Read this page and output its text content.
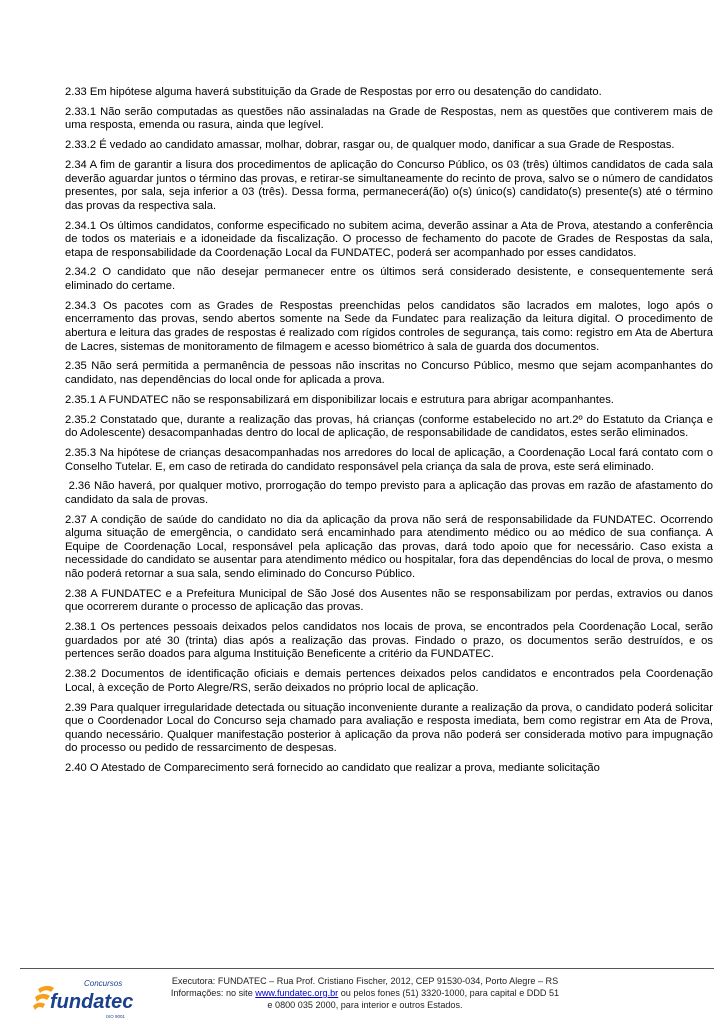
2.33 Em hipótese alguma haverá substituição da Grade de Respostas por erro ou desatenção do candidato.

2.33.1 Não serão computadas as questões não assinaladas na Grade de Respostas, nem as questões que contiverem mais de uma resposta, emenda ou rasura, ainda que legível.

2.33.2 É vedado ao candidato amassar, molhar, dobrar, rasgar ou, de qualquer modo, danificar a sua Grade de Respostas.

2.34 A fim de garantir a lisura dos procedimentos de aplicação do Concurso Público, os 03 (três) últimos candidatos de cada sala deverão aguardar juntos o término das provas, e retirar-se simultaneamente do recinto de prova, salvo se o número de candidatos presentes, por sala, seja inferior a 03 (três). Dessa forma, permanecerá(ão) o(s) único(s) candidato(s) presente(s) até o término das provas da respectiva sala.

2.34.1 Os últimos candidatos, conforme especificado no subitem acima, deverão assinar a Ata de Prova, atestando a conferência de todos os materiais e a idoneidade da fiscalização. O processo de fechamento do pacote de Grades de Respostas da sala, etapa de responsabilidade da Coordenação Local da FUNDATEC, poderá ser acompanhado por esses candidatos.

2.34.2 O candidato que não desejar permanecer entre os últimos será considerado desistente, e consequentemente será eliminado do certame.

2.34.3 Os pacotes com as Grades de Respostas preenchidas pelos candidatos são lacrados em malotes, logo após o encerramento das provas, sendo abertos somente na Sede da Fundatec para realização da leitura digital. O procedimento de abertura e leitura das grades de respostas é realizado com rígidos controles de segurança, tais como: registro em Ata de Abertura de Lacres, sistemas de monitoramento de filmagem e acesso biométrico à sala de guarda dos documentos.

2.35 Não será permitida a permanência de pessoas não inscritas no Concurso Público, mesmo que sejam acompanhantes do candidato, nas dependências do local onde for aplicada a prova.

2.35.1 A FUNDATEC não se responsabilizará em disponibilizar locais e estrutura para abrigar acompanhantes.

2.35.2 Constatado que, durante a realização das provas, há crianças (conforme estabelecido no art.2º do Estatuto da Criança e do Adolescente) desacompanhadas dentro do local de aplicação, de responsabilidade de candidatos, estes serão eliminados.

2.35.3 Na hipótese de crianças desacompanhadas nos arredores do local de aplicação, a Coordenação Local fará contato com o Conselho Tutelar. E, em caso de retirada do candidato responsável pela criança da sala de prova, este será eliminado.

2.36 Não haverá, por qualquer motivo, prorrogação do tempo previsto para a aplicação das provas em razão de afastamento do candidato da sala de provas.

2.37 A condição de saúde do candidato no dia da aplicação da prova não será de responsabilidade da FUNDATEC. Ocorrendo alguma situação de emergência, o candidato será encaminhado para atendimento médico ou ao médico de sua confiança. A Equipe de Coordenação Local, responsável pela aplicação das provas, dará todo apoio que for necessário. Caso exista a necessidade do candidato se ausentar para atendimento médico ou hospitalar, fora das dependências do local de prova, o mesmo não poderá retornar a sua sala, sendo eliminado do Concurso Público.

2.38 A FUNDATEC e a Prefeitura Municipal de São José dos Ausentes não se responsabilizam por perdas, extravios ou danos que ocorrerem durante o processo de aplicação das provas.

2.38.1 Os pertences pessoais deixados pelos candidatos nos locais de prova, se encontrados pela Coordenação Local, serão guardados por até 30 (trinta) dias após a realização das provas. Findado o prazo, os documentos serão destruídos, e os pertences serão doados para alguma Instituição Beneficente a critério da FUNDATEC.

2.38.2 Documentos de identificação oficiais e demais pertences deixados pelos candidatos e encontrados pela Coordenação Local, à exceção de Porto Alegre/RS, serão deixados no próprio local de aplicação.

2.39 Para qualquer irregularidade detectada ou situação inconveniente durante a realização da prova, o candidato poderá solicitar que o Coordenador Local do Concurso seja chamado para avaliação e resposta imediata, bem como registrar em Ata de Prova, quando necessário. Qualquer manifestação posterior à aplicação da prova não poderá ser considerada motivo para impugnação do processo ou pedido de ressarcimento de despesas.

2.40 O Atestado de Comparecimento será fornecido ao candidato que realizar a prova, mediante solicitação

Concursos
fundatec
ISO 9001
Executora: FUNDATEC – Rua Prof. Cristiano Fischer, 2012, CEP 91530-034, Porto Alegre – RS
Informações: no site www.fundatec.org.br ou pelos fones (51) 3320-1000, para capital e DDD 51
e 0800 035 2000, para interior e outros Estados.
